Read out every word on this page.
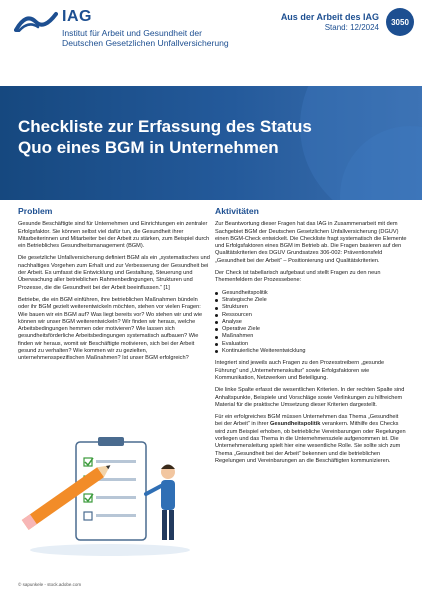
IAG
Institut für Arbeit und Gesundheit der
Deutschen Gesetzlichen Unfallversicherung
Aus der Arbeit des IAG
Stand: 12/2024
3050
Checkliste zur Erfassung des Status
Quo eines BGM in Unternehmen
Problem

Gesunde Beschäftigte sind für Unternehmen und Einrichtungen ein zentraler Erfolgsfaktor. Sie können selbst viel dafür tun, die Gesundheit ihrer Mitarbeiterinnen und Mitarbeiter bei der Arbeit zu stärken, zum Beispiel durch ein Betriebliches Gesundheitsmanagement (BGM).

Die gesetzliche Unfallversicherung definiert BGM als ein „systematisches und nachhaltiges Vorgehen zum Erhalt und zur Verbesserung der Gesundheit bei der Arbeit. Es umfasst die Entwicklung und Gestaltung, Steuerung und Überwachung aller betrieblichen Rahmenbedingungen, Strukturen und Prozesse, die die Gesundheit bei der Arbeit beeinflussen.“ [1]

Betriebe, die ein BGM einführen, ihre betrieblichen Maßnahmen bündeln oder ihr BGM gezielt weiterentwickeln möchten, stehen vor vielen Fragen: Wie bauen wir ein BGM auf? Was liegt bereits vor? Wo stehen wir und wie können wir unser BGM weiterentwickeln? Wir finden wir heraus, welche Arbeitsbedingungen hemmen oder motivieren? Wie lassen sich gesundheitsförderliche Arbeitsbedingungen systematisch aufbauen? Wie finden wir heraus, womit wir Beschäftigte motivieren, sich bei der Arbeit gesund zu verhalten? Wie kommen wir zu gezielten, unternehmensspezifischen Maßnahmen? Ist unser BGM erfolgreich?

© sapunkele - stock.adobe.com
Aktivitäten

Zur Beantwortung dieser Fragen hat das IAG in Zusammenarbeit mit dem Sachgebiet BGM der Deutschen Gesetzlichen Unfallversicherung (DGUV) einen BGM-Check entwickelt. Die Checkliste fragt systematisch die Elemente und Erfolgsfaktoren eines BGM im Betrieb ab. Die Fragen basieren auf den Qualitätskriterien des DGUV Grundsatzes 306-002: Präventionsfeld „Gesundheit bei der Arbeit“ – Positionierung und Qualitätskriterien.

Der Check ist tabellarisch aufgebaut und stellt Fragen zu den neun Themenfeldern der Prozessebene:

Gesundheitspolitik
Strategische Ziele
Strukturen
Ressourcen
Analyse
Operative Ziele
Maßnahmen
Evaluation
Kontinuierliche Weiterentwicklung

Integriert sind jeweils auch Fragen zu den Prozesstreibern „gesunde Führung“ und „Unternehmenskultur“ sowie Erfolgsfaktoren wie Kommunikation, Netzwerken und Beteiligung.

Die linke Spalte erfasst die wesentlichen Kriterien. In der rechten Spalte sind Anhaltspunkte, Beispiele und Vorschläge sowie Verlinkungen zu hilfreichem Material für die praktische Umsetzung dieser Kriterien dargestellt.

Für ein erfolgreiches BGM müssen Unternehmen das Thema „Gesundheit bei der Arbeit“ in ihrer Gesundheitspolitik verankern. Mithilfe des Checks wird zum Beispiel erhoben, ob betriebliche Vereinbarungen oder Regelungen vorliegen und das Thema in die Unternehmensziele aufgenommen ist. Die Unternehmensleitung spielt hier eine wesentliche Rolle. Sie sollte sich zum Thema „Gesundheit bei der Arbeit“ bekennen und die betrieblichen Regelungen und Vereinbarungen an die Beschäftigten kommunizieren.
